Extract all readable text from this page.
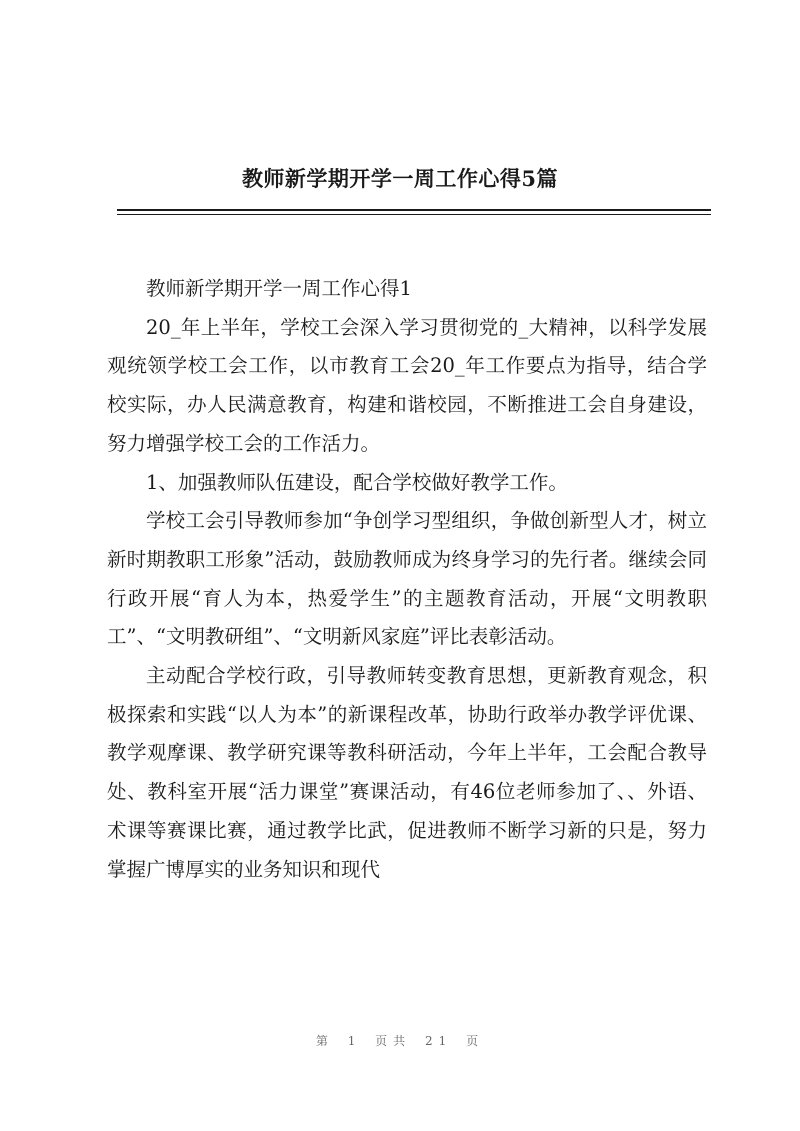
教师新学期开学一周工作心得5篇

教师新学期开学一周工作心得1

20_年上半年，学校工会深入学习贯彻党的_大精神，以科学发展观统领学校工会工作，以市教育工会20_年工作要点为指导，结合学校实际，办人民满意教育，构建和谐校园，不断推进工会自身建设，努力增强学校工会的工作活力。

1、加强教师队伍建设，配合学校做好教学工作。

学校工会引导教师参加“争创学习型组织，争做创新型人才，树立新时期教职工形象”活动，鼓励教师成为终身学习的先行者。继续会同行政开展“育人为本，热爱学生”的主题教育活动，开展“文明教职工”、“文明教研组”、“文明新风家庭”评比表彰活动。

主动配合学校行政，引导教师转变教育思想，更新教育观念，积极探索和实践“以人为本”的新课程改革，协助行政举办教学评优课、教学观摩课、教学研究课等教科研活动，今年上半年，工会配合教导处、教科室开展“活力课堂”赛课活动，有46位老师参加了、、外语、术课等赛课比赛，通过教学比武，促进教师不断学习新的只是，努力掌握广博厚实的业务知识和现代

第 1 页共 21 页
